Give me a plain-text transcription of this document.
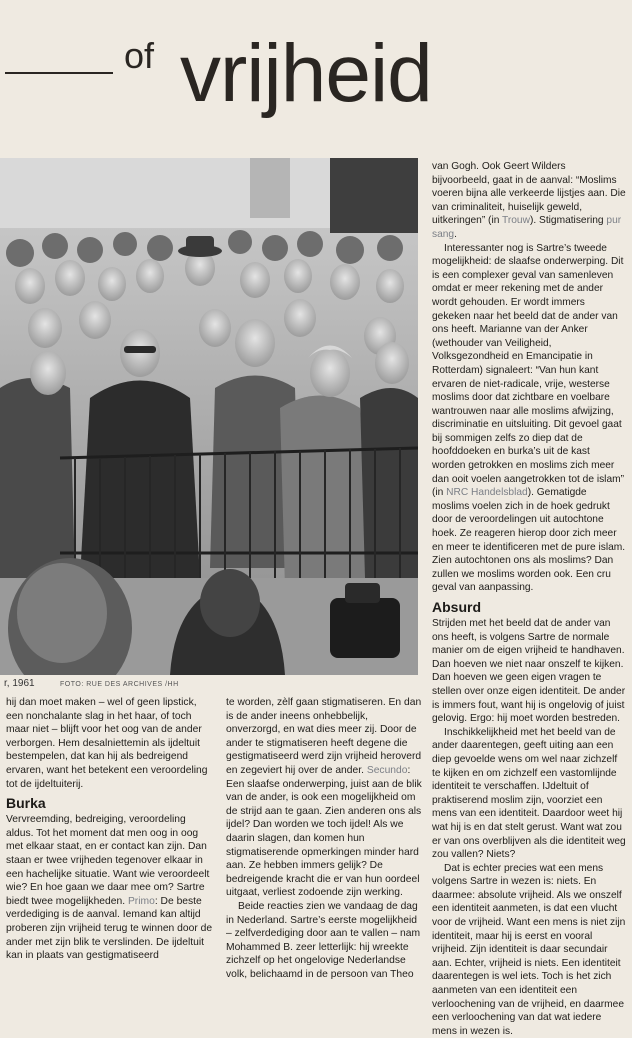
of vrijheid
r, 1961	FOTO: RUE DES ARCHIVES /HH

van Gogh. Ook Geert Wilders bijvoorbeeld, gaat in de aanval: “Moslims voeren bijna alle verkeerde lijstjes aan. Die van criminaliteit, huiselijk geweld, uitkeringen” (in Trouw). Stigmatisering pur sang.

Interessanter nog is Sartre’s tweede mogelijkheid: de slaafse onderwerping. Dit is een complexer geval van samenleven omdat er meer rekening met de ander wordt gehouden. Er wordt immers gekeken naar het beeld dat de ander van ons heeft. Marianne van der Anker (wethouder van Veiligheid, Volksgezondheid en Emancipatie in Rotterdam) signaleert: “Van hun kant ervaren de niet-radicale, vrije, westerse moslims door dat zichtbare en voelbare wantrouwen naar alle moslims afwijzing, discriminatie en uitsluiting. Dit gevoel gaat bij sommigen zelfs zo diep dat de hoofddoeken en burka’s uit de kast worden getrokken en moslims zich meer dan ooit voelen aangetrokken tot de islam” (in NRC Handelsblad). Gematigde moslims voelen zich in de hoek gedrukt door de veroordelingen uit autochtone hoek. Ze reageren hierop door zich meer en meer te identificeren met de pure islam. Zien autochtonen ons als moslims? Dan zullen we moslims worden ook. Een cru geval van aanpassing.

Absurd

Strijden met het beeld dat de ander van ons heeft, is volgens Sartre de normale manier om de eigen vrijheid te handhaven. Dan hoeven we niet naar onszelf te kijken. Dan hoeven we geen eigen vragen te stellen over onze eigen identiteit. De ander is immers fout, want hij is ongelovig of juist gelovig. Ergo: hij moet worden bestreden.

Inschikkelijkheid met het beeld van de ander daarentegen, geeft uiting aan een diep gevoelde wens om wel naar zichzelf te kijken en om zichzelf een vastomlijnde identiteit te verschaffen. IJdeltuit of praktiserend moslim zijn, voorziet een mens van een identiteit. Daardoor weet hij wat hij is en dat stelt gerust. Want wat zou er van ons overblijven als die identiteit weg zou vallen? Niets?

Dat is echter precies wat een mens volgens Sartre in wezen is: niets. En daarmee: absolute vrijheid. Als we onszelf een identiteit aanmeten, is dat een vlucht voor de vrijheid. Want een mens is niet zijn identiteit, maar hij is eerst en vooral vrijheid. Zijn identiteit is daar secundair aan. Echter, vrijheid is niets. Een identiteit daarentegen is wel iets. Toch is het zich aanmeten van een identiteit een verloochening van de vrijheid, en daarmee een verloochening van dat wat iedere mens in wezen is.

hij dan moet maken – wel of geen lipstick, een nonchalante slag in het haar, of toch maar niet – blijft voor het oog van de ander verborgen. Hem desalniettemin als ijdeltuit bestempelen, dat kan hij als bedreigend ervaren, want het betekent een veroordeling tot de ijdeltuiterij.

Burka

Vervreemding, bedreiging, veroordeling aldus. Tot het moment dat men oog in oog met elkaar staat, en er contact kan zijn. Dan staan er twee vrijheden tegenover elkaar in een hachelijke situatie. Want wie veroordeelt wie? En hoe gaan we daar mee om? Sartre biedt twee mogelijkheden. Primo: De beste verdediging is de aanval. Iemand kan altijd proberen zijn vrijheid terug te winnen door de ander met zijn blik te verslinden. De ijdeltuit kan in plaats van gestigmatiseerd

te worden, zèlf gaan stigmatiseren. En dan is de ander ineens onhebbelijk, onverzorgd, en wat dies meer zij. Door de ander te stigmatiseren heeft degene die gestigmatiseerd werd zijn vrijheid heroverd en zegeviert hij over de ander. Secundo: Een slaafse onderwerping, juist aan de blik van de ander, is ook een mogelijkheid om de strijd aan te gaan. Zien anderen ons als ijdel? Dan worden we toch ijdel! Als we daarin slagen, dan komen hun stigmatiserende opmerkingen minder hard aan. Ze hebben immers gelijk? De bedreigende kracht die er van hun oordeel uitgaat, verliest zodoende zijn werking.

Beide reacties zien we vandaag de dag in Nederland. Sartre’s eerste mogelijkheid – zelfverdediging door aan te vallen – nam Mohammed B. zeer letterlijk: hij wreekte zichzelf op het ongelovige Nederlandse volk, belichaamd in de persoon van Theo
